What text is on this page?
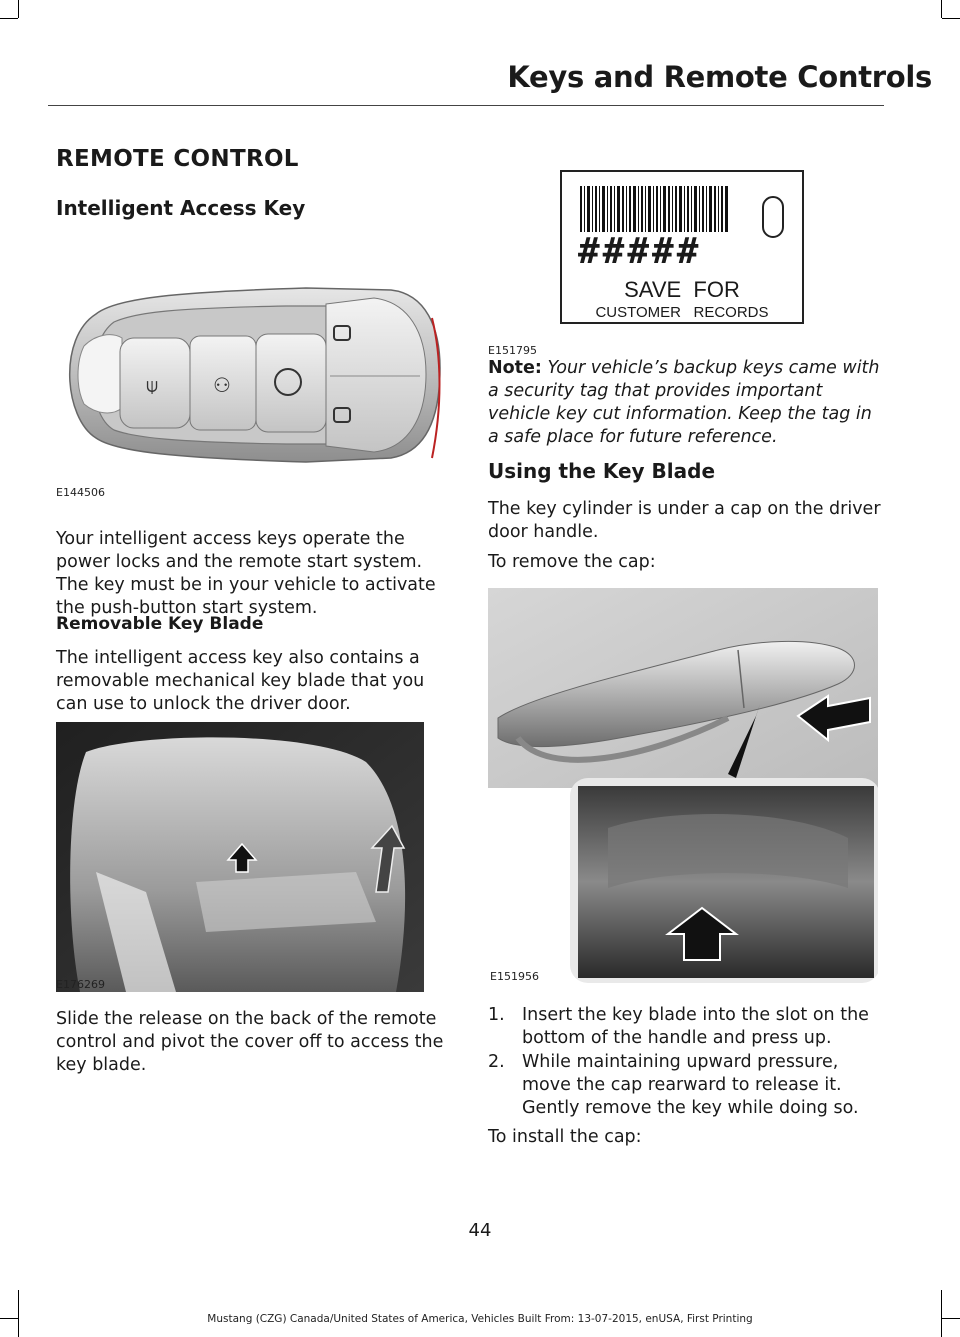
Keys and Remote Controls
REMOTE CONTROL
Intelligent Access Key
⍦	⚇
E144506

Your intelligent access keys operate the power locks and the remote start system. The key must be in your vehicle to activate the push-button start system.

Removable Key Blade

The intelligent access key also contains a removable mechanical key blade that you can use to unlock the driver door.

E176269

Slide the release on the back of the remote control and pivot the cover off to access the key blade.

#####
SAVE  FOR
CUSTOMER   RECORDS
E151795

Note: Your vehicle’s backup keys came with a security tag that provides important vehicle key cut information. Keep the tag in a safe place for future reference.

Using the Key Blade

The key cylinder is under a cap on the driver door handle.

To remove the cap:

E151956
1. Insert the key blade into the slot on the bottom of the handle and press up.
2. While maintaining upward pressure, move the cap rearward to release it. Gently remove the key while doing so.

To install the cap:

44
Mustang (CZG) Canada/United States of America, Vehicles Built From: 13-07-2015, enUSA, First Printing
